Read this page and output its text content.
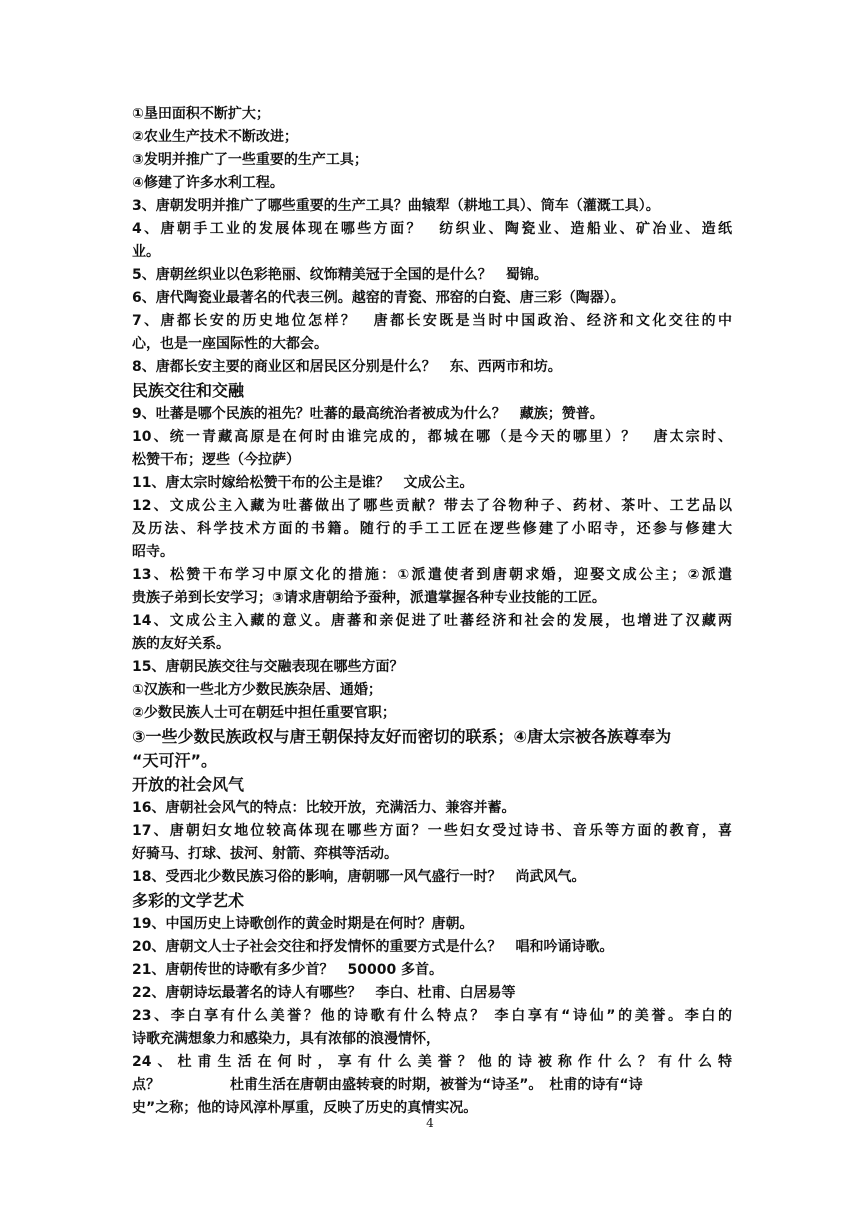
①垦田面积不断扩大；

②农业生产技术不断改进；

③发明并推广了一些重要的生产工具；

④修建了许多水利工程。

3、唐朝发明并推广了哪些重要的生产工具？曲辕犁（耕地工具）、筒车（灌溉工具）。

4、唐朝手工业的发展体现在哪些方面？　纺织业、陶瓷业、造船业、矿冶业、造纸

业。

5、唐朝丝织业以色彩艳丽、纹饰精美冠于全国的是什么？　蜀锦。

6、唐代陶瓷业最著名的代表三例。越窑的青瓷、邢窑的白瓷、唐三彩（陶器）。

7、唐都长安的历史地位怎样？　唐都长安既是当时中国政治、经济和文化交往的中

心，也是一座国际性的大都会。

8、唐都长安主要的商业区和居民区分别是什么？　东、西两市和坊。

民族交往和交融

9、吐蕃是哪个民族的祖先？吐蕃的最高统治者被成为什么？　藏族；赞普。

10、统一青藏高原是在何时由谁完成的，都城在哪（是今天的哪里）？　唐太宗时、

松赞干布；逻些（今拉萨）

11、唐太宗时嫁给松赞干布的公主是谁？　文成公主。

12、文成公主入藏为吐蕃做出了哪些贡献？带去了谷物种子、药材、茶叶、工艺品以

及历法、科学技术方面的书籍。随行的手工工匠在逻些修建了小昭寺，还参与修建大

昭寺。

13、松赞干布学习中原文化的措施：①派遣使者到唐朝求婚，迎娶文成公主；②派遣

贵族子弟到长安学习；③请求唐朝给予蚕种，派遣掌握各种专业技能的工匠。

14、文成公主入藏的意义。唐蕃和亲促进了吐蕃经济和社会的发展，也增进了汉藏两

族的友好关系。

15、唐朝民族交往与交融表现在哪些方面？

①汉族和一些北方少数民族杂居、通婚；

②少数民族人士可在朝廷中担任重要官职；

③一些少数民族政权与唐王朝保持友好而密切的联系；④唐太宗被各族尊奉为

“天可汗”。

开放的社会风气

16、唐朝社会风气的特点：比较开放，充满活力、兼容并蓄。

17、唐朝妇女地位较高体现在哪些方面？一些妇女受过诗书、音乐等方面的教育，喜

好骑马、打球、拔河、射箭、弈棋等活动。

18、受西北少数民族习俗的影响，唐朝哪一风气盛行一时？　尚武风气。

多彩的文学艺术

19、中国历史上诗歌创作的黄金时期是在何时？唐朝。

20、唐朝文人士子社会交往和抒发情怀的重要方式是什么？　唱和吟诵诗歌。

21、唐朝传世的诗歌有多少首？　50000 多首。

22、唐朝诗坛最著名的诗人有哪些？　李白、杜甫、白居易等

23、李白享有什么美誉？他的诗歌有什么特点？ 李白享有“诗仙”的美誉。李白的

诗歌充满想象力和感染力，具有浓郁的浪漫情怀，

24、杜甫生活在何时，享有什么美誉？他的诗被称作什么？有什么特

点？　　　　　杜甫生活在唐朝由盛转衰的时期，被誉为“诗圣”。　杜甫的诗有“诗

史”之称；他的诗风淳朴厚重，反映了历史的真情实况。

4
